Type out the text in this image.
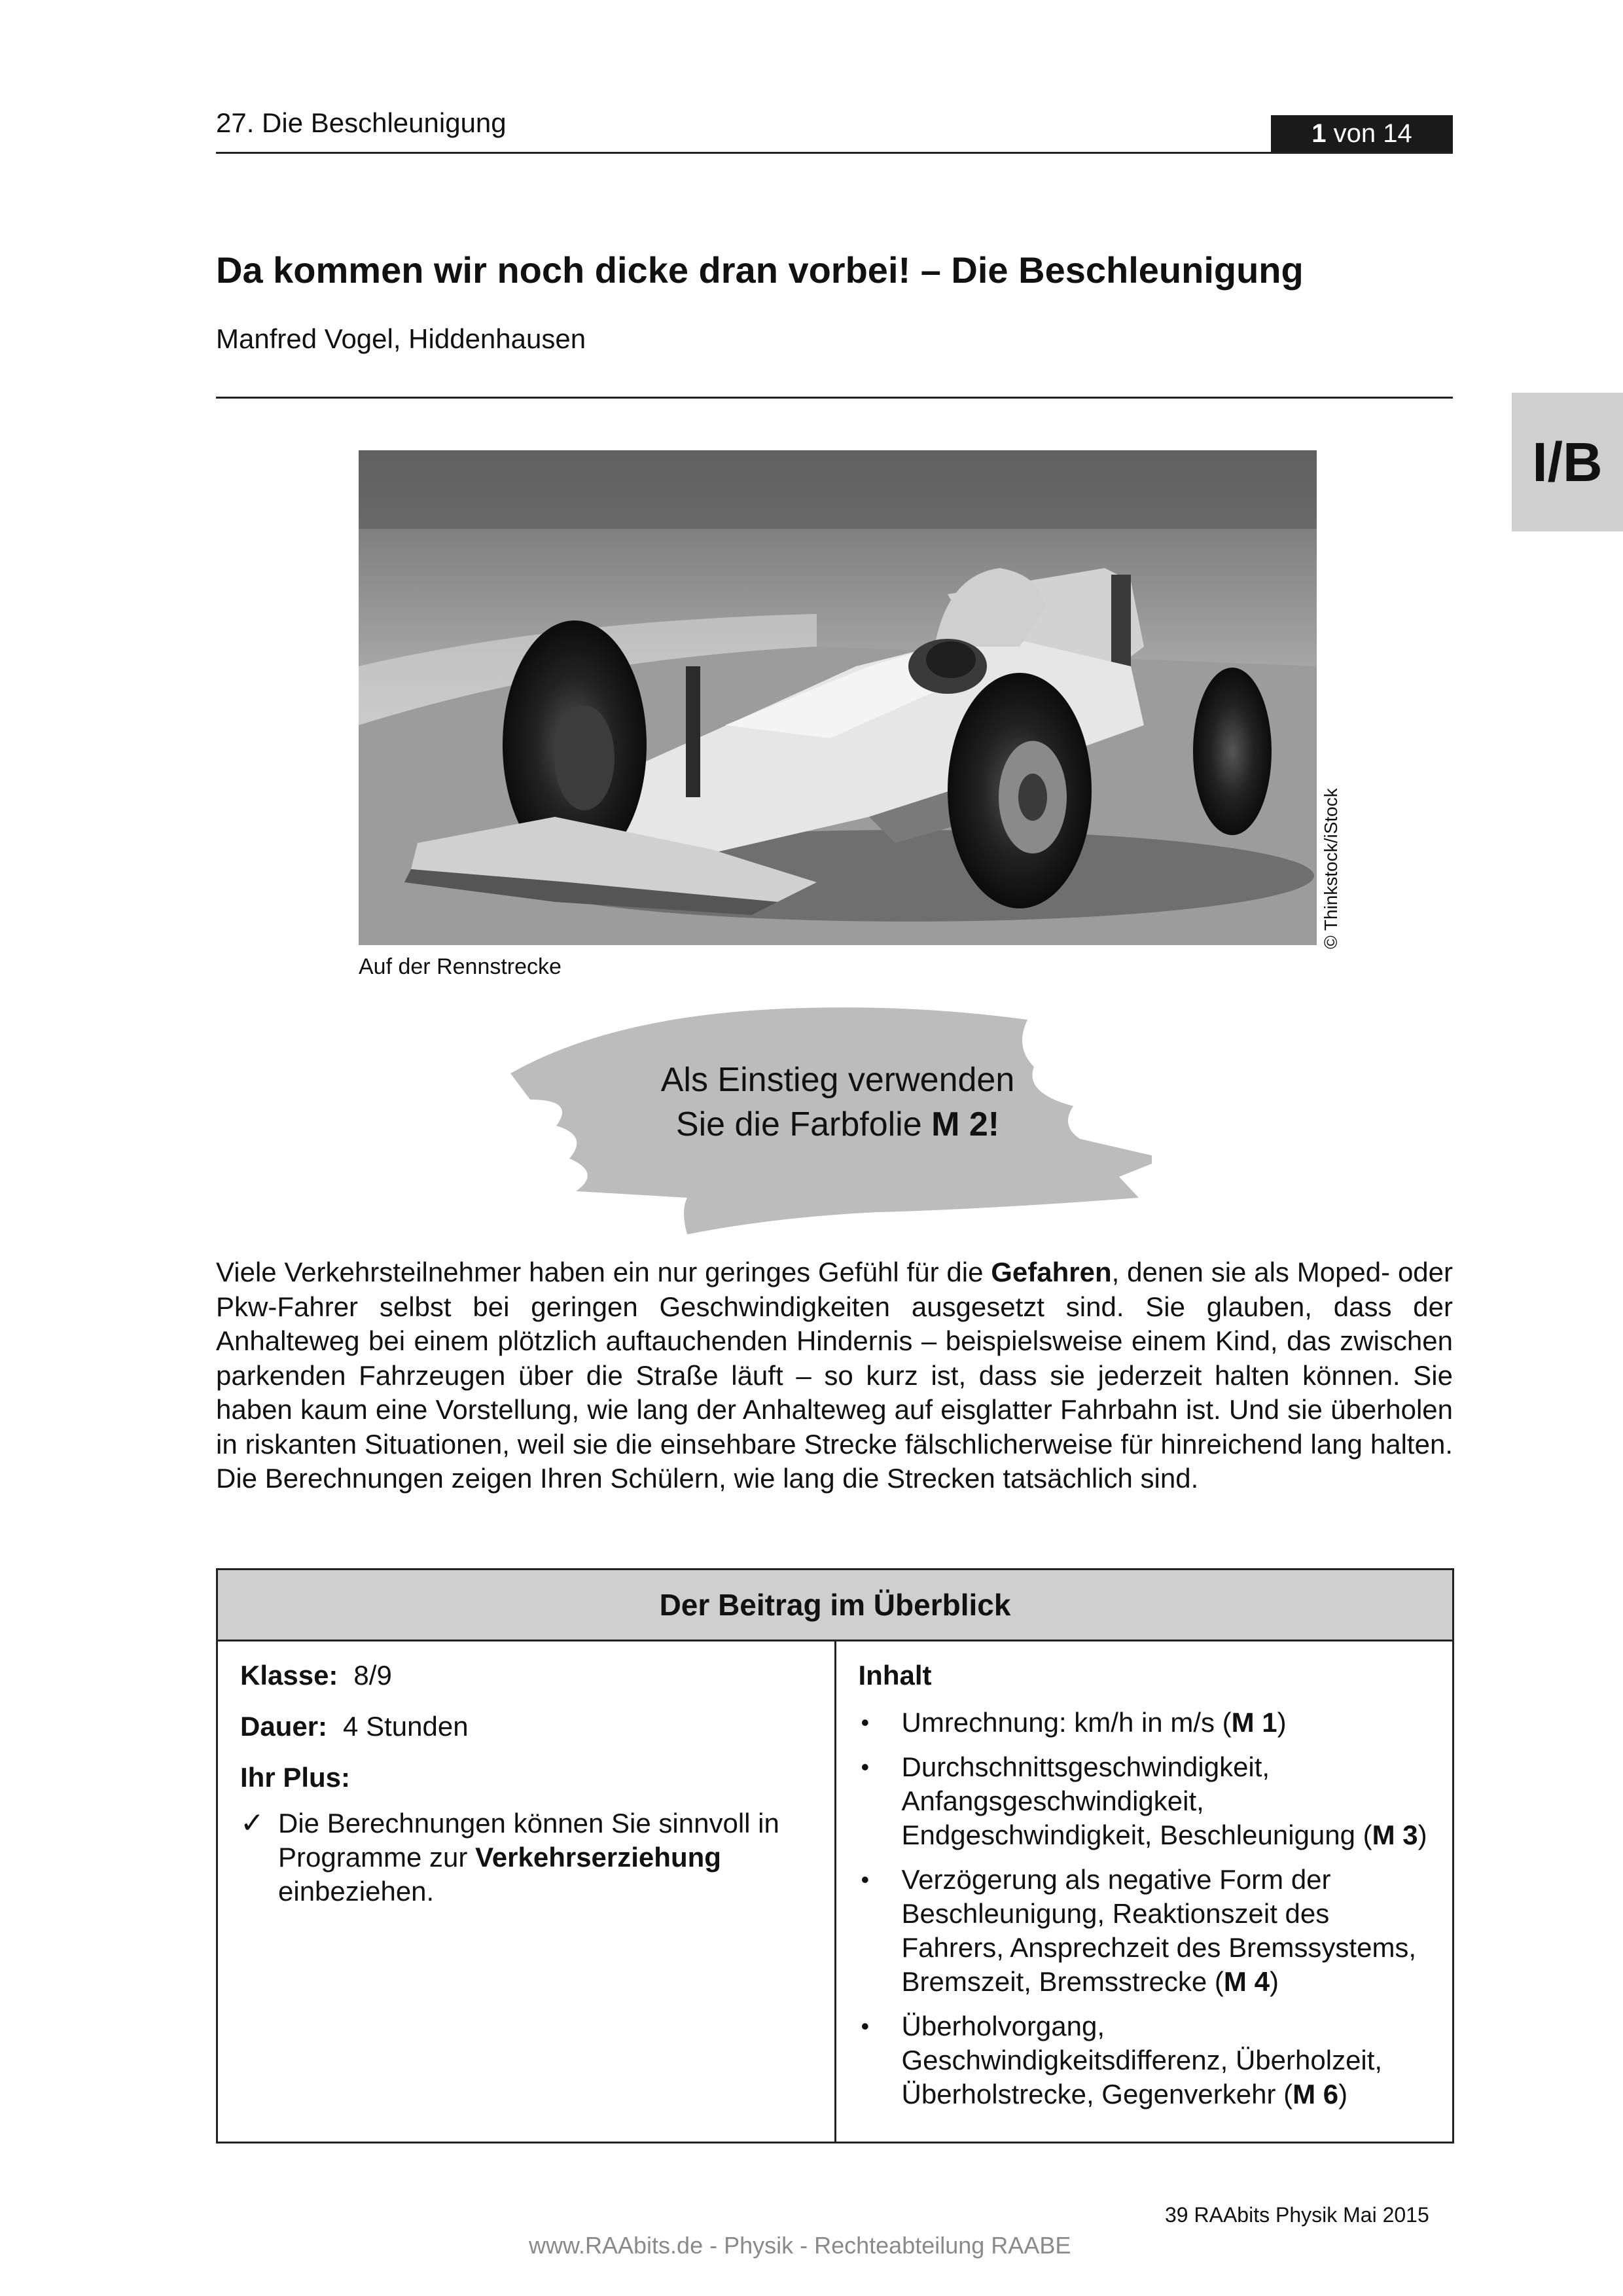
27. Die Beschleunigung	1 von 14
Da kommen wir noch dicke dran vorbei! – Die Beschleunigung
Manfred Vogel, Hiddenhausen
I/B
© Thinkstock/iStock
Auf der Rennstrecke
Als Einstieg verwenden
Sie die Farbfolie M 2!

Viele Verkehrsteilnehmer haben ein nur geringes Gefühl für die Gefahren, denen sie als Moped- oder Pkw-Fahrer selbst bei geringen Geschwindigkeiten ausgesetzt sind. Sie glauben, dass der Anhalteweg bei einem plötzlich auftauchenden Hindernis – beispielsweise einem Kind, das zwischen parkenden Fahrzeugen über die Straße läuft – so kurz ist, dass sie jederzeit halten können. Sie haben kaum eine Vorstellung, wie lang der Anhalteweg auf eisglatter Fahrbahn ist. Und sie überholen in riskanten Situationen, weil sie die einsehbare Strecke fälschlicherweise für hinreichend lang halten. Die Berechnungen zeigen Ihren Schülern, wie lang die Strecken tatsächlich sind.

Der Beitrag im Überblick

Klasse: 8/9
Dauer: 4 Stunden
Ihr Plus:
✓ Die Berechnungen können Sie sinnvoll in Programme zur Verkehrserziehung einbeziehen.
	Inhalt
•	Umrechnung: km/h in m/s (M 1)
•	Durchschnittsgeschwindigkeit, Anfangsgeschwindigkeit, Endgeschwindigkeit, Beschleunigung (M 3)
•	Verzögerung als negative Form der Beschleunigung, Reaktionszeit des Fahrers, Ansprechzeit des Bremssystems, Bremszeit, Bremsstrecke (M 4)
•	Überholvorgang, Geschwindigkeitsdifferenz, Überholzeit, Überholstrecke, Gegenverkehr (M 6)
39 RAAbits Physik Mai 2015
www.RAAbits.de - Physik - Rechteabteilung RAABE
